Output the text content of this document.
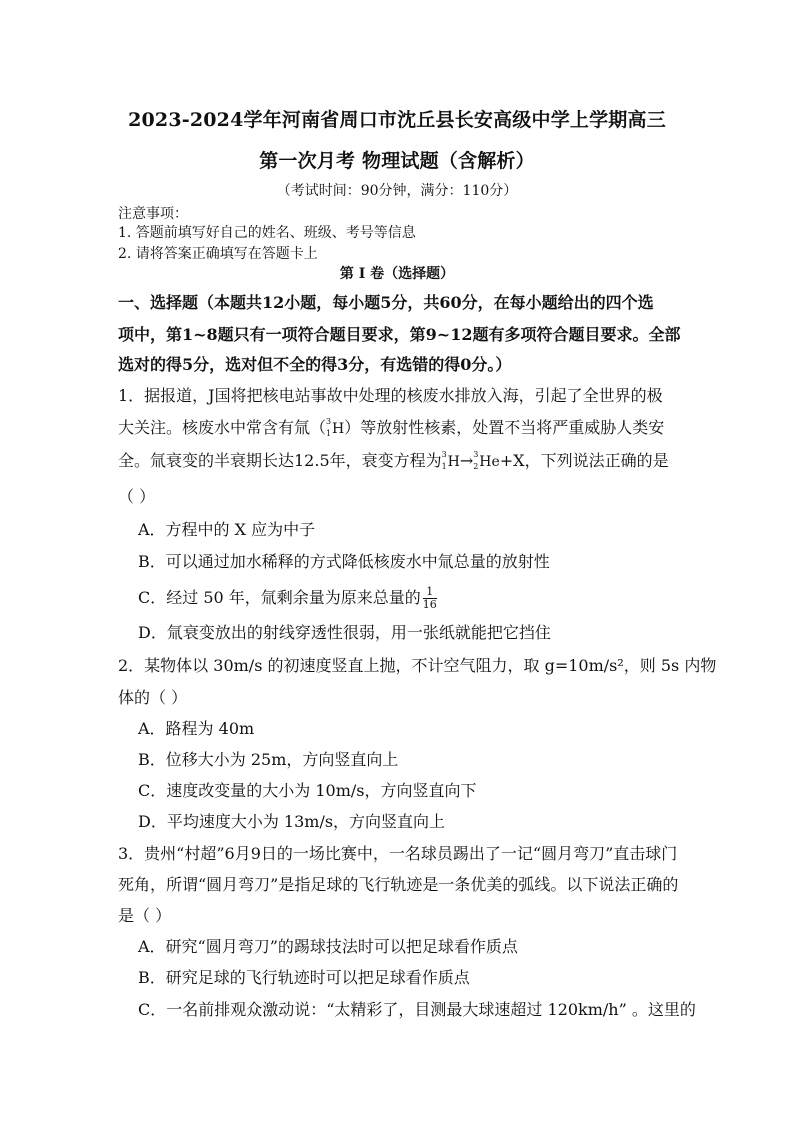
2023-2024学年河南省周口市沈丘县长安高级中学上学期高三
第一次月考 物理试题（含解析）
（考试时间：90分钟，满分：110分）
注意事项：
1. 答题前填写好自己的姓名、班级、考号等信息
2. 请将答案正确填写在答题卡上
第 I 卷（选择题）
一、选择题（本题共12小题，每小题5分，共60分，在每小题给出的四个选
项中，第1~8题只有一项符合题目要求，第9~12题有多项符合题目要求。全部
选对的得5分，选对但不全的得3分，有选错的得0分。）
1．据报道，J国将把核电站事故中处理的核废水排放入海，引起了全世界的极
大关注。核废水中常含有氚（ 3
1 H）等放射性核素，处置不当将严重威胁人类安
全。氚衰变的半衰期长达12.5年，衰变方程为 3
1 H→ 3
2 He+X，下列说法正确的是
（ ）
A．方程中的 X 应为中子
B．可以通过加水稀释的方式降低核废水中氚总量的放射性
C．经过 50 年，氚剩余量为原来总量的 $\frac{1}{16}$
D．氚衰变放出的射线穿透性很弱，用一张纸就能把它挡住
2．某物体以 30m/s 的初速度竖直上抛，不计空气阻力，取 g=10m/s²，则 5s 内物
体的（ ）
A．路程为 40m
B．位移大小为 25m，方向竖直向上
C．速度改变量的大小为 10m/s，方向竖直向下
D．平均速度大小为 13m/s，方向竖直向上
3．贵州“村超”6月9日的一场比赛中，一名球员踢出了一记“圆月弯刀”直击球门
死角，所谓“圆月弯刀”是指足球的飞行轨迹是一条优美的弧线。以下说法正确的
是（ ）
A．研究“圆月弯刀”的踢球技法时可以把足球看作质点
B．研究足球的飞行轨迹时可以把足球看作质点
C．一名前排观众激动说：“太精彩了，目测最大球速超过 120km/h” 。这里的
